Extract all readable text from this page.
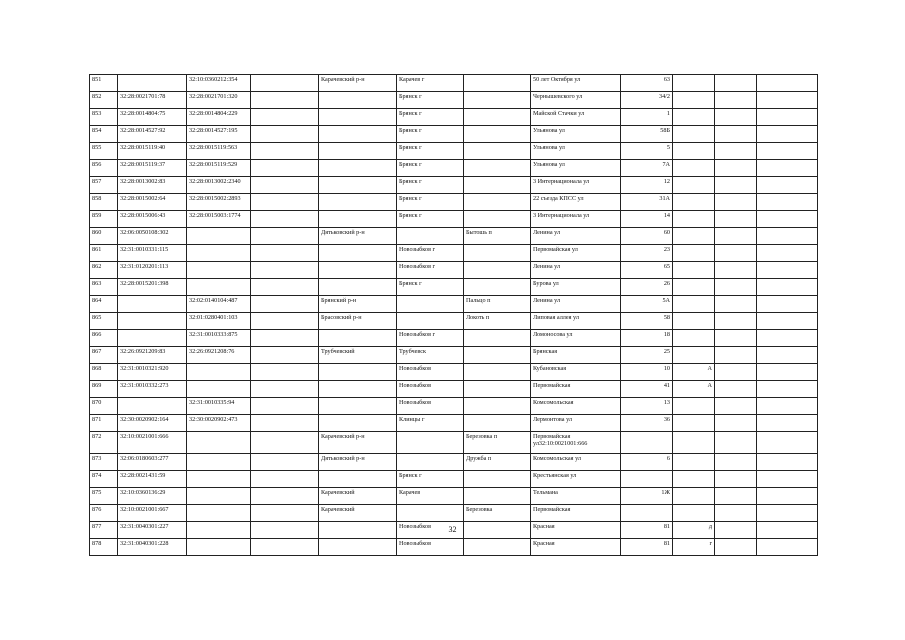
851		32:10:0360212:354		Карачевский р-н	Карачев г		50 лет Октября ул	63			
852	32:28:0021701:78	32:28:0021701:320			Брянск г		Чернышевского ул	34/2			
853	32:28:0014804:75	32:28:0014804:229			Брянск г		Майской Стачки ул	1			
854	32:28:0014527:92	32:28:0014527:195			Брянск г		Ульянова ул	58Б			
855	32:28:0015119:40	32:28:0015119:563			Брянск г		Ульянова ул	5			
856	32:28:0015119:37	32:28:0015119:529			Брянск г		Ульянова ул	7А			
857	32:28:0013002:83	32:28:0013002:2340			Брянск г		3 Интернационала ул	12			
858	32:28:0015002:64	32:28:0015002:2893			Брянск г		22 съезда КПСС ул	31А			
859	32:28:0015006:43	32:28:0015003:1774			Брянск г		3 Интернационала ул	14			
860	32:06:0050108:302			Дятьковский р-н		Бытошь п	Ленина ул	60			
861	32:31:0010331:115				Новозыбков г		Первомайская ул	23			
862	32:31:0120201:113				Новозыбков г		Ленина ул	65			
863	32:28:0015201:398				Брянск г		Бурова ул	26			
864		32:02:0140104:487		Брянский р-н		Пальцо п	Ленина ул	5А			
865		32:01:0280401:103		Брасовский р-н		Локоть п	Липовая аллея ул	58			
866		32:31:0010333:875			Новозыбков г		Ломоносова ул	18			
867	32:26:0921209:83	32:26:0921208:76		Трубчевский	Трубчевск		Брянская	25			
868	32:31:0010321:920				Новозыбков		Кубановская	10	А		
869	32:31:0010332:273				Новозыбков		Первомайская	41	А		
870		32:31:0010335:94			Новозыбков		Комсомольская	13			
871	32:30:0020902:164	32:30:0020902:473			Клинцы г		Лермонтова ул	36			
872	32:10:0021001:666			Карачевский р-н		Березовка п	Первомайская ул32:10:0021001:666				
873	32:06:0180603:277			Дятьковский р-н		Дружба п	Комсомольская ул	6			
874	32:28:0021431:59				Брянск г		Крестьянская ул				
875	32:10:0360136:29			Карачевский	Карачев		Тельмана	1Ж			
876	32:10:0021001:667			Карачевский		Березовка	Первомайская				
877	32:31:0040301:227				Новозыбков		Красная	81	д		
878	32:31:0040301:228				Новозыбков		Красная	81	г		
32
